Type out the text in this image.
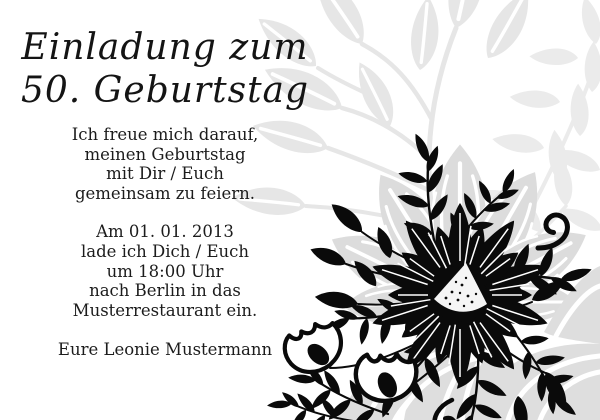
Einladung zum
50. Geburtstag

Ich freue mich darauf,
meinen Geburtstag
mit Dir / Euch
gemeinsam zu feiern.

Am 01. 01. 2013
lade ich Dich / Euch
um 18:00 Uhr
nach Berlin in das
Musterrestaurant ein.

Eure Leonie Mustermann
